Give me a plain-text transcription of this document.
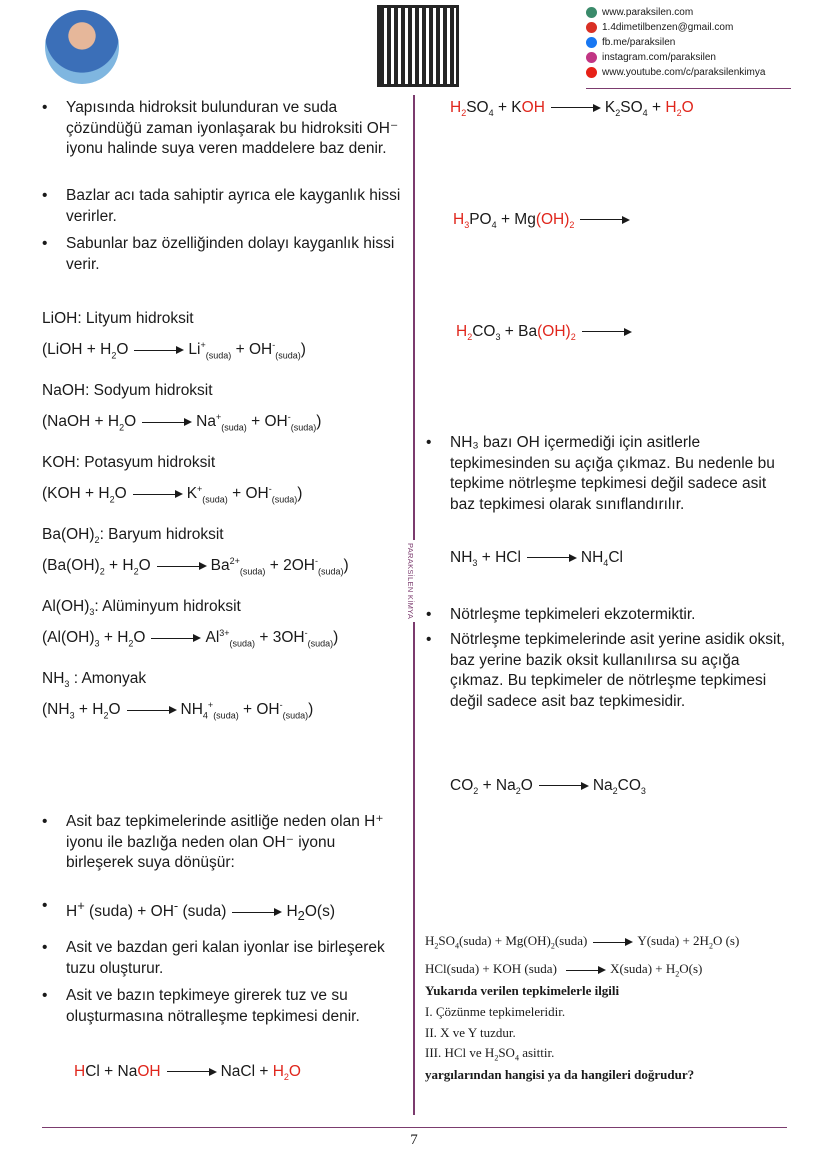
www.paraksilen.com
1.4dimetilbenzen@gmail.com
fb.me/paraksilen
instagram.com/paraksilen
www.youtube.com/c/paraksilenkimya
PARAKSİLEN KİMYA
• Yapısında hidroksit bulunduran ve suda çözündüğü zaman iyonlaşarak bu hidroksiti OH⁻ iyonu halinde suya veren maddelere baz denir.
• Bazlar acı tada sahiptir ayrıca ele kayganlık hissi verirler.
• Sabunlar baz özelliğinden dolayı kayganlık hissi verir.
LiOH: Lityum hidroksit
(LiOH + $H_2O$	$Li^+_{(suda)} + OH^-_{(suda)}$)
NaOH: Sodyum hidroksit
(NaOH + $H_2O$	$Na^+_{(suda)} + OH^-_{(suda)}$)
KOH: Potasyum hidroksit
($KOH + H_2O$	$K^+_{(suda)} + OH^-_{(suda)}$)
$Ba(OH)_2$: Baryum hidroksit
($Ba(OH)_2 + H_2O$	$Ba^{2+}_{(suda)} + 2OH^-_{(suda)}$)
$Al(OH)_3$: Alüminyum hidroksit
($Al(OH)_3 + H_2O$	$Al^{3+}_{(suda)} + 3OH^-_{(suda)}$)
$NH_3$ : Amonyak
($NH_3 + H_2O$	$NH_4^+_{(suda)} + OH^-_{(suda)}$)
• Asit baz tepkimelerinde asitliğe neden olan H⁺ iyonu ile bazlığa neden olan OH⁻ iyonu birleşerek suya dönüşür:
• H+ (suda) + OH- (suda)	$H_2O(s)$
• Asit ve bazdan geri kalan iyonlar ise birleşerek tuzu oluşturur.
• Asit ve bazın tepkimeye girerek tuz ve su oluşturmasına nötralleşme tepkimesi denir.
HCl + NaOH	NaCl + $H_2O$
$H_2SO_4$ + KOH	$K_2SO_4 + H_2O$
$H_3PO_4 + Mg(OH)_2$
$H_2CO_3 + Ba(OH)_2$
• NH₃ bazı OH içermediği için asitlerle tepkimesinden su açığa çıkmaz. Bu nedenle bu tepkime nötrleşme tepkimesi değil sadece asit baz tepkimesi olarak sınıflandırılır.
$NH_3$ + HCl	$NH_4Cl$
• Nötrleşme tepkimeleri ekzotermiktir.
• Nötrleşme tepkimelerinde asit yerine asidik oksit, baz yerine bazik oksit kullanılırsa su açığa çıkmaz. Bu tepkimeler de nötrleşme tepkimesi değil sadece asit baz tepkimesidir.
$CO_2 + Na_2O$	$Na_2CO_3$
$H_2SO_4(suda)$ + $Mg(OH)_2(suda)$	Y(suda) + $2H_2O$ (s)
HCl(suda) + KOH (suda)	X(suda) + $H_2O(s)$
Yukarıda verilen tepkimelerle ilgili
I. Çözünme tepkimeleridir.
II. X ve Y tuzdur.
III. HCl ve $H_2SO_4$ asittir.
yargılarından hangisi ya da hangileri doğrudur?
7
